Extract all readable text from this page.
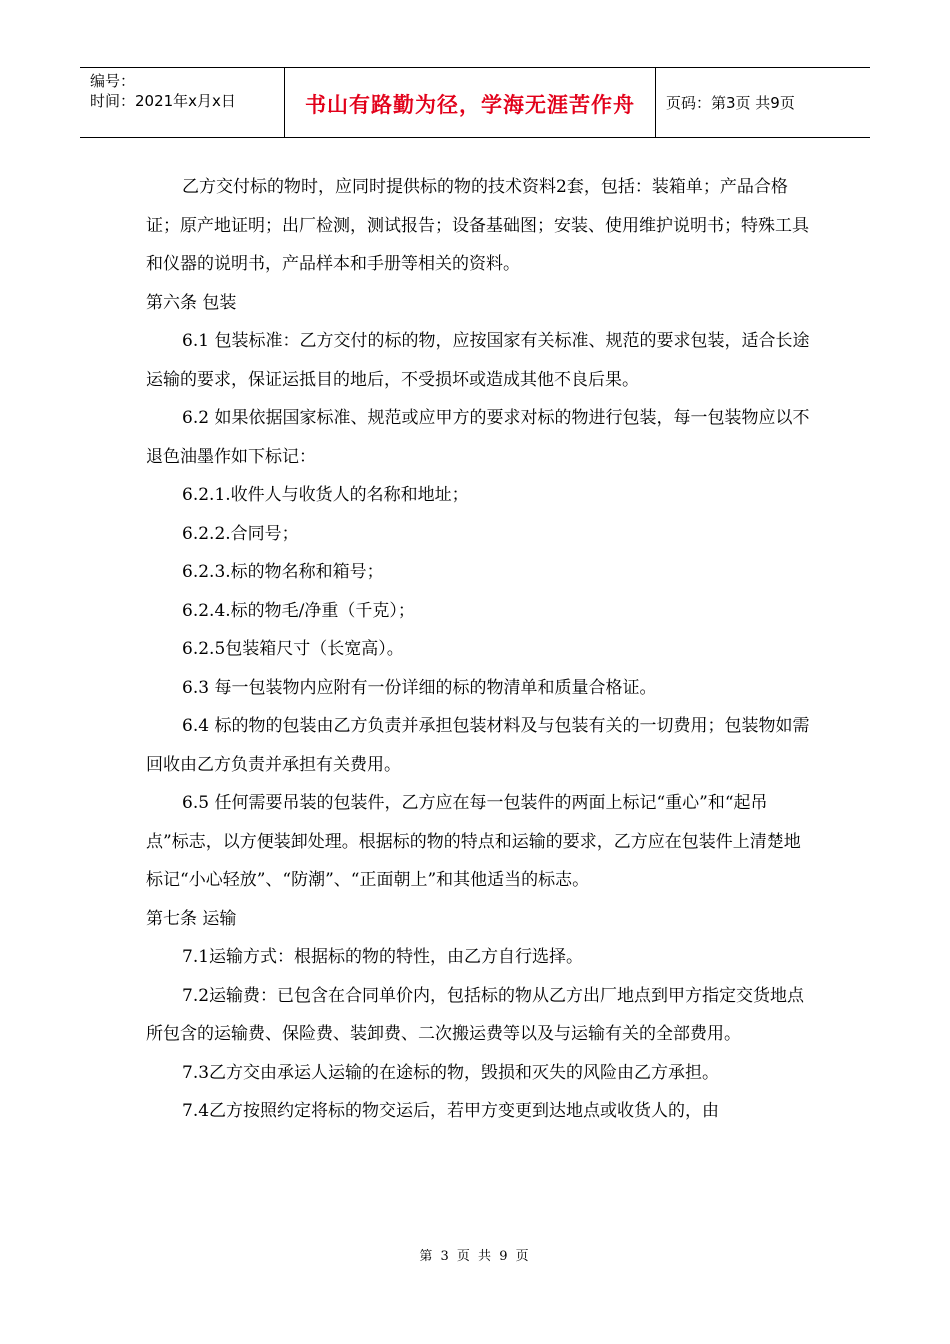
编号：
时间：2021年x月x日	书山有路勤为径，学海无涯苦作舟	页码：第3页 共9页

乙方交付标的物时，应同时提供标的物的技术资料2套，包括：装箱单；产品合格证；原产地证明；出厂检测，测试报告；设备基础图；安装、使用维护说明书；特殊工具和仪器的说明书，产品样本和手册等相关的资料。

第六条 包装

6.1 包装标准：乙方交付的标的物，应按国家有关标准、规范的要求包装，适合长途运输的要求，保证运抵目的地后，不受损坏或造成其他不良后果。

6.2 如果依据国家标准、规范或应甲方的要求对标的物进行包装，每一包装物应以不退色油墨作如下标记：

6.2.1.收件人与收货人的名称和地址；

6.2.2.合同号；

6.2.3.标的物名称和箱号；

6.2.4.标的物毛/净重（千克）；

6.2.5包装箱尺寸（长宽高）。

6.3 每一包装物内应附有一份详细的标的物清单和质量合格证。

6.4 标的物的包装由乙方负责并承担包装材料及与包装有关的一切费用；包装物如需回收由乙方负责并承担有关费用。

6.5 任何需要吊装的包装件，乙方应在每一包装件的两面上标记“重心”和“起吊点”标志，以方便装卸处理。根据标的物的特点和运输的要求，乙方应在包装件上清楚地标记“小心轻放”、“防潮”、“正面朝上”和其他适当的标志。

第七条 运输

7.1运输方式：根据标的物的特性，由乙方自行选择。

7.2运输费：已包含在合同单价内，包括标的物从乙方出厂地点到甲方指定交货地点所包含的运输费、保险费、装卸费、二次搬运费等以及与运输有关的全部费用。

7.3乙方交由承运人运输的在途标的物，毁损和灭失的风险由乙方承担。

7.4乙方按照约定将标的物交运后，若甲方变更到达地点或收货人的，由

第 3 页 共 9 页
